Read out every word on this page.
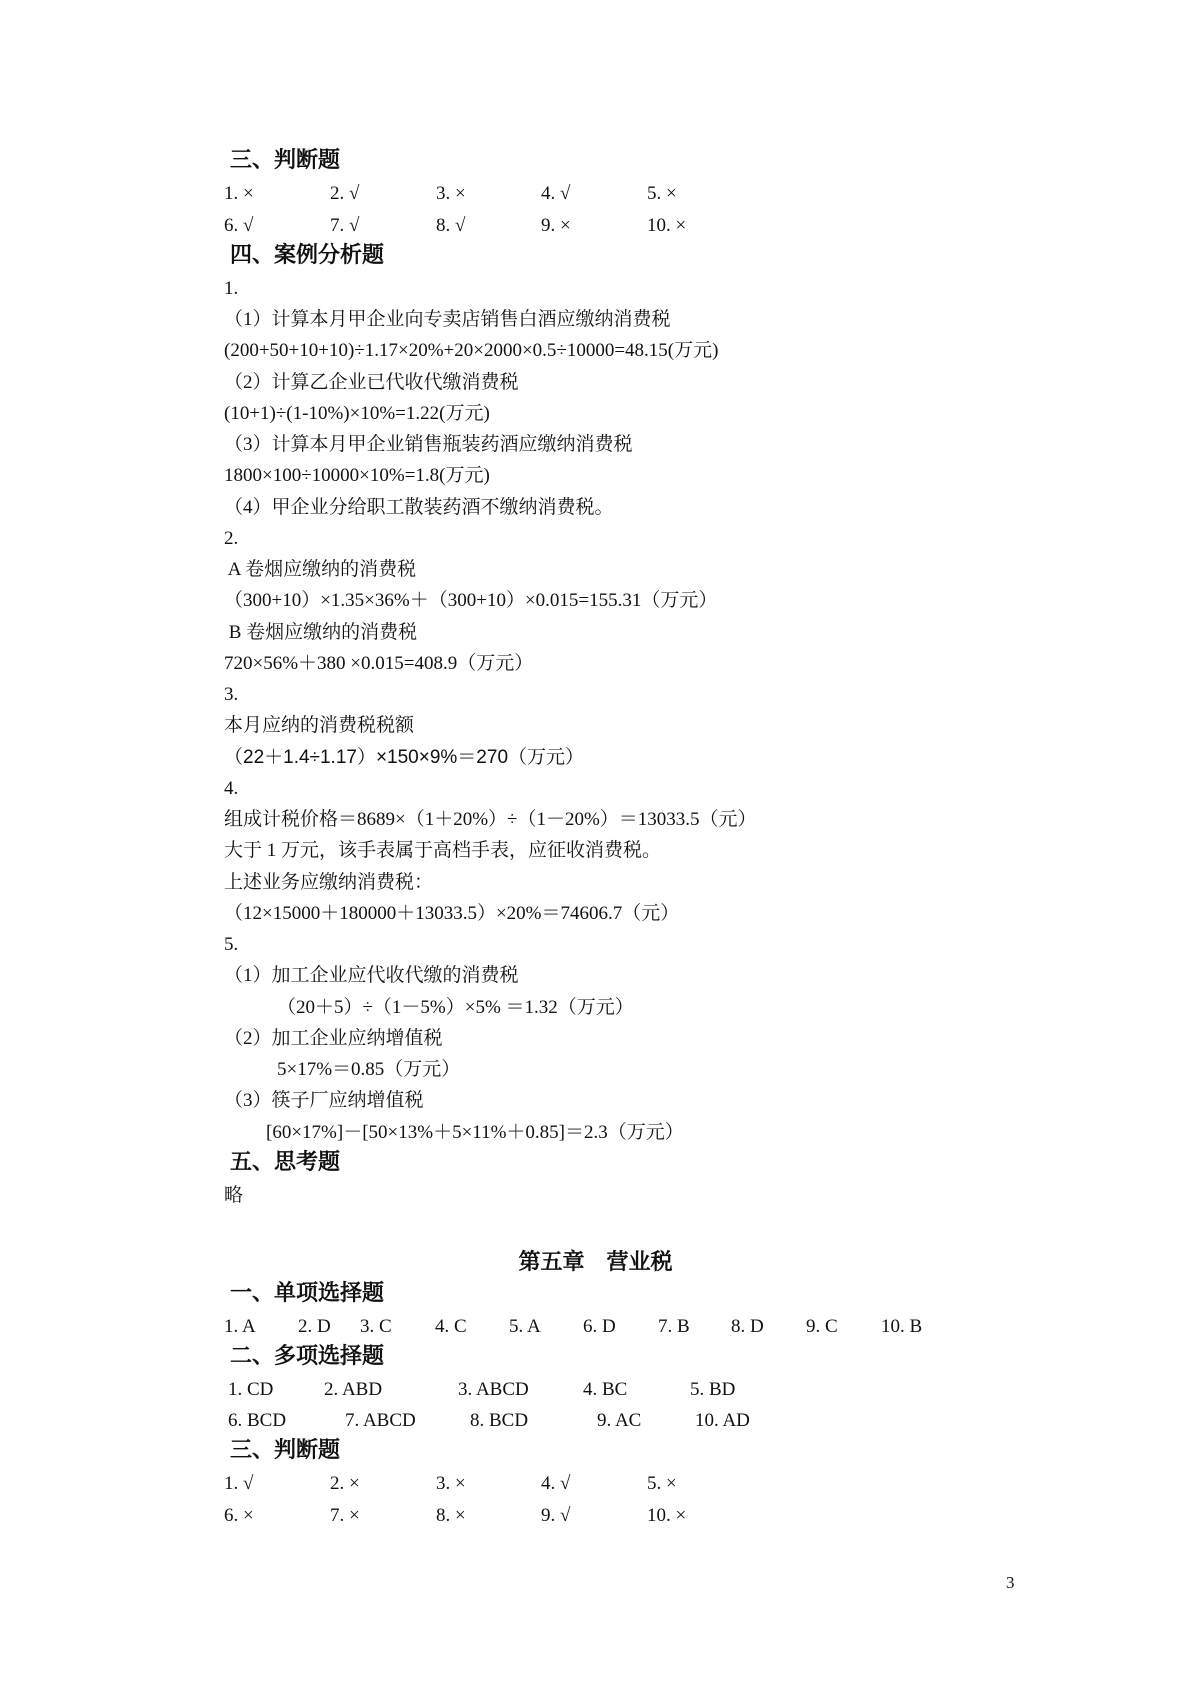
三、判断题
1. ×	2. √	3. ×	4. √	5. ×
6. √	7. √	8. √	9. ×	10. ×
四、案例分析题
1.
（1）计算本月甲企业向专卖店销售白酒应缴纳消费税
(200+50+10+10)÷1.17×20%+20×2000×0.5÷10000=48.15(万元)
（2）计算乙企业已代收代缴消费税
(10+1)÷(1-10%)×10%=1.22(万元)
（3）计算本月甲企业销售瓶装药酒应缴纳消费税
1800×100÷10000×10%=1.8(万元)
（4）甲企业分给职工散装药酒不缴纳消费税。
2.
A 卷烟应缴纳的消费税
（300+10）×1.35×36%＋（300+10）×0.015=155.31（万元）
B 卷烟应缴纳的消费税
720×56%＋380 ×0.015=408.9（万元）
3.
本月应纳的消费税税额
（22＋1.4÷1.17）×150×9%＝270（万元）
4.
组成计税价格＝8689×（1＋20%）÷（1－20%）＝13033.5（元）
大于 1 万元，该手表属于高档手表，应征收消费税。
上述业务应缴纳消费税：
（12×15000＋180000＋13033.5）×20%＝74606.7（元）
5.
（1）加工企业应代收代缴的消费税
（20＋5）÷（1－5%）×5% ＝1.32（万元）
（2）加工企业应纳增值税
5×17%＝0.85（万元）
（3）筷子厂应纳增值税
[60×17%]－[50×13%＋5×11%＋0.85]＝2.3（万元）
五、思考题
略
第五章　营业税
一、单项选择题
1. A 2. D 3. C 4. C 5. A 6. D 7. B 8. D 9. C 10. B
二、多项选择题
1. CD	2. ABD	3. ABCD	4. BC	5. BD
6. BCD	7. ABCD	8. BCD	9. AC	10. AD
三、判断题
1. √	2. ×	3. ×	4. √	5. ×
6. ×	7. ×	8. ×	9. √	10. ×
3
